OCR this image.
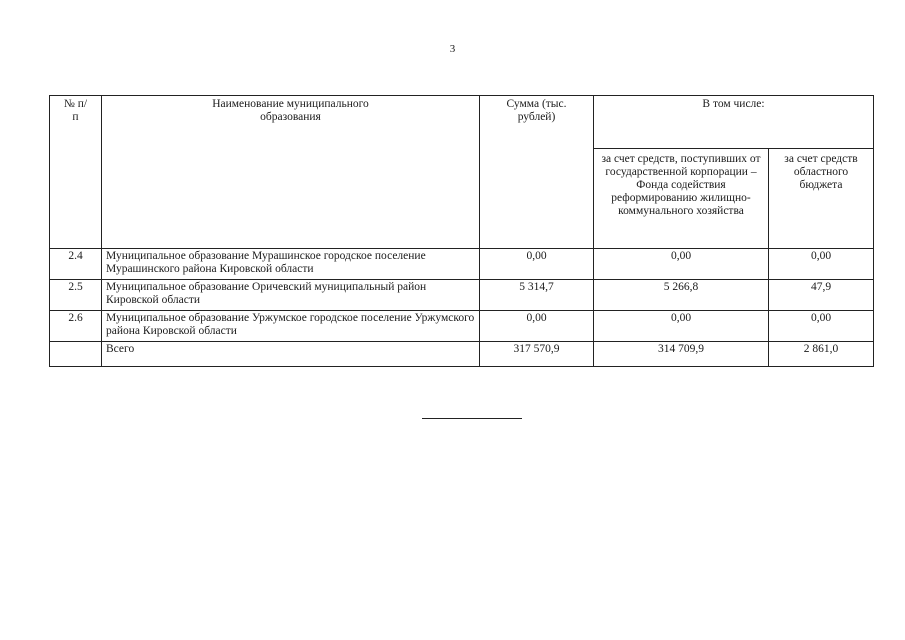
3
№ п/п	Наименование муниципального образования	Сумма (тыс. рублей)	В том числе:	
			за счет средств, поступивших от государственной корпорации – Фонда содействия реформированию жилищно-коммунального хозяйства	за счет средств областного бюджета
2.4	Муниципальное образование Мурашинское городское поселение Мурашинского района Кировской области	0,00	0,00	0,00
2.5	Муниципальное образование Оричевский муниципальный район Кировской области	5 314,7	5 266,8	47,9
2.6	Муниципальное образование Уржумское городское поселение Уржумского района Кировской области	0,00	0,00	0,00
	Всего	317 570,9	314 709,9	2 861,0
